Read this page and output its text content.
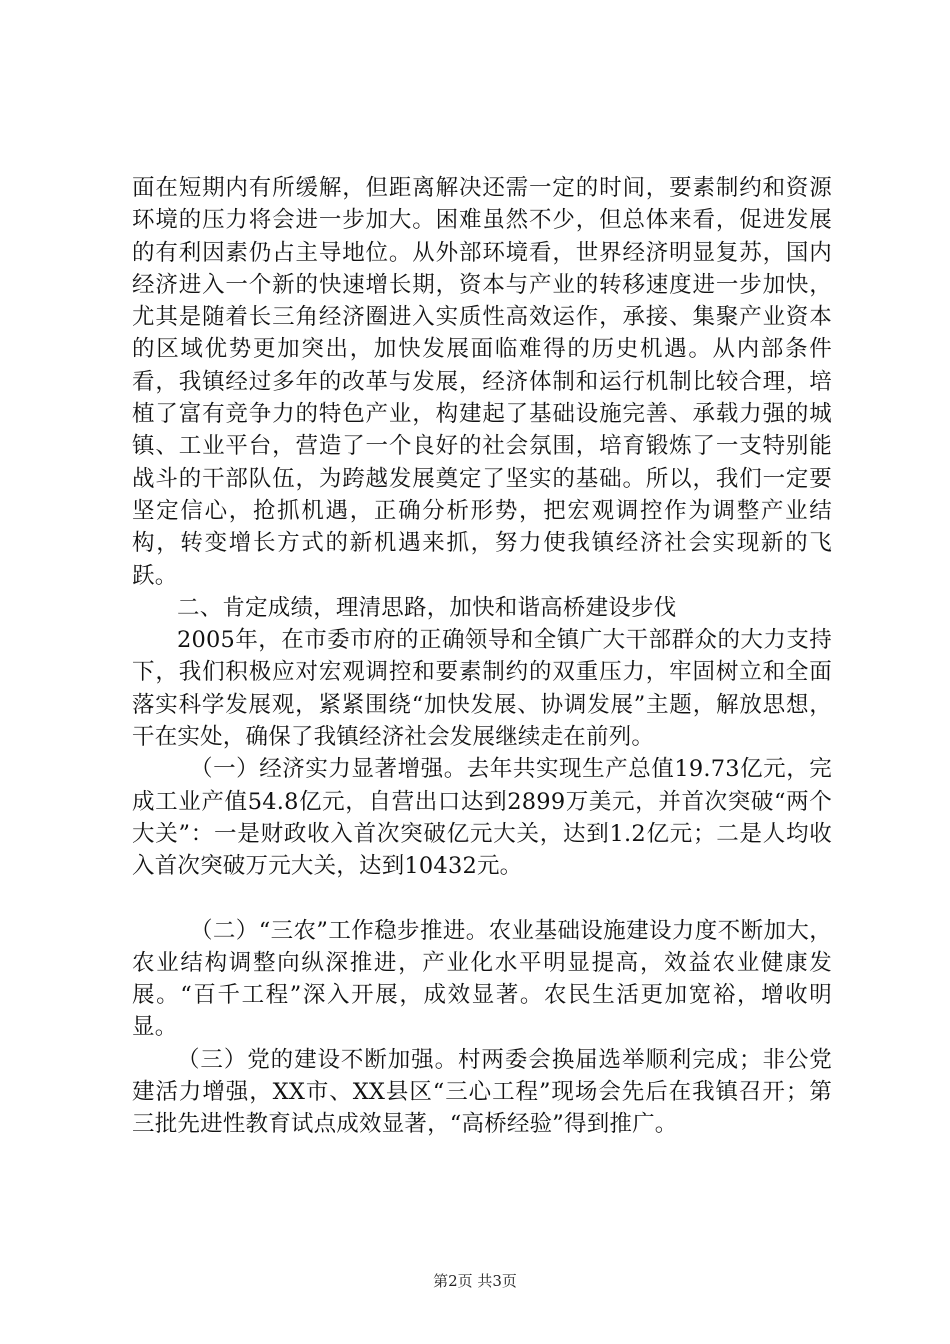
面在短期内有所缓解，但距离解决还需一定的时间，要素制约和资源环境的压力将会进一步加大。困难虽然不少，但总体来看，促进发展的有利因素仍占主导地位。从外部环境看，世界经济明显复苏，国内经济进入一个新的快速增长期，资本与产业的转移速度进一步加快，尤其是随着长三角经济圈进入实质性高效运作，承接、集聚产业资本的区域优势更加突出，加快发展面临难得的历史机遇。从内部条件看，我镇经过多年的改革与发展，经济体制和运行机制比较合理，培植了富有竞争力的特色产业，构建起了基础设施完善、承载力强的城镇、工业平台，营造了一个良好的社会氛围，培育锻炼了一支特别能战斗的干部队伍，为跨越发展奠定了坚实的基础。所以，我们一定要坚定信心，抢抓机遇，正确分析形势，把宏观调控作为调整产业结构，转变增长方式的新机遇来抓，努力使我镇经济社会实现新的飞跃。

二、肯定成绩，理清思路，加快和谐高桥建设步伐

2005年，在市委市府的正确领导和全镇广大干部群众的大力支持下，我们积极应对宏观调控和要素制约的双重压力，牢固树立和全面落实科学发展观，紧紧围绕“加快发展、协调发展”主题，解放思想，干在实处，确保了我镇经济社会发展继续走在前列。

（一）经济实力显著增强。去年共实现生产总值19.73亿元，完成工业产值54.8亿元，自营出口达到2899万美元，并首次突破“两个大关”：一是财政收入首次突破亿元大关，达到1.2亿元；二是人均收入首次突破万元大关，达到10432元。

（二）“三农”工作稳步推进。农业基础设施建设力度不断加大，农业结构调整向纵深推进，产业化水平明显提高，效益农业健康发展。“百千工程”深入开展，成效显著。农民生活更加宽裕，增收明显。

（三）党的建设不断加强。村两委会换届选举顺利完成；非公党建活力增强，XX市、XX县区“三心工程”现场会先后在我镇召开；第三批先进性教育试点成效显著，“高桥经验”得到推广。

第2页 共3页
